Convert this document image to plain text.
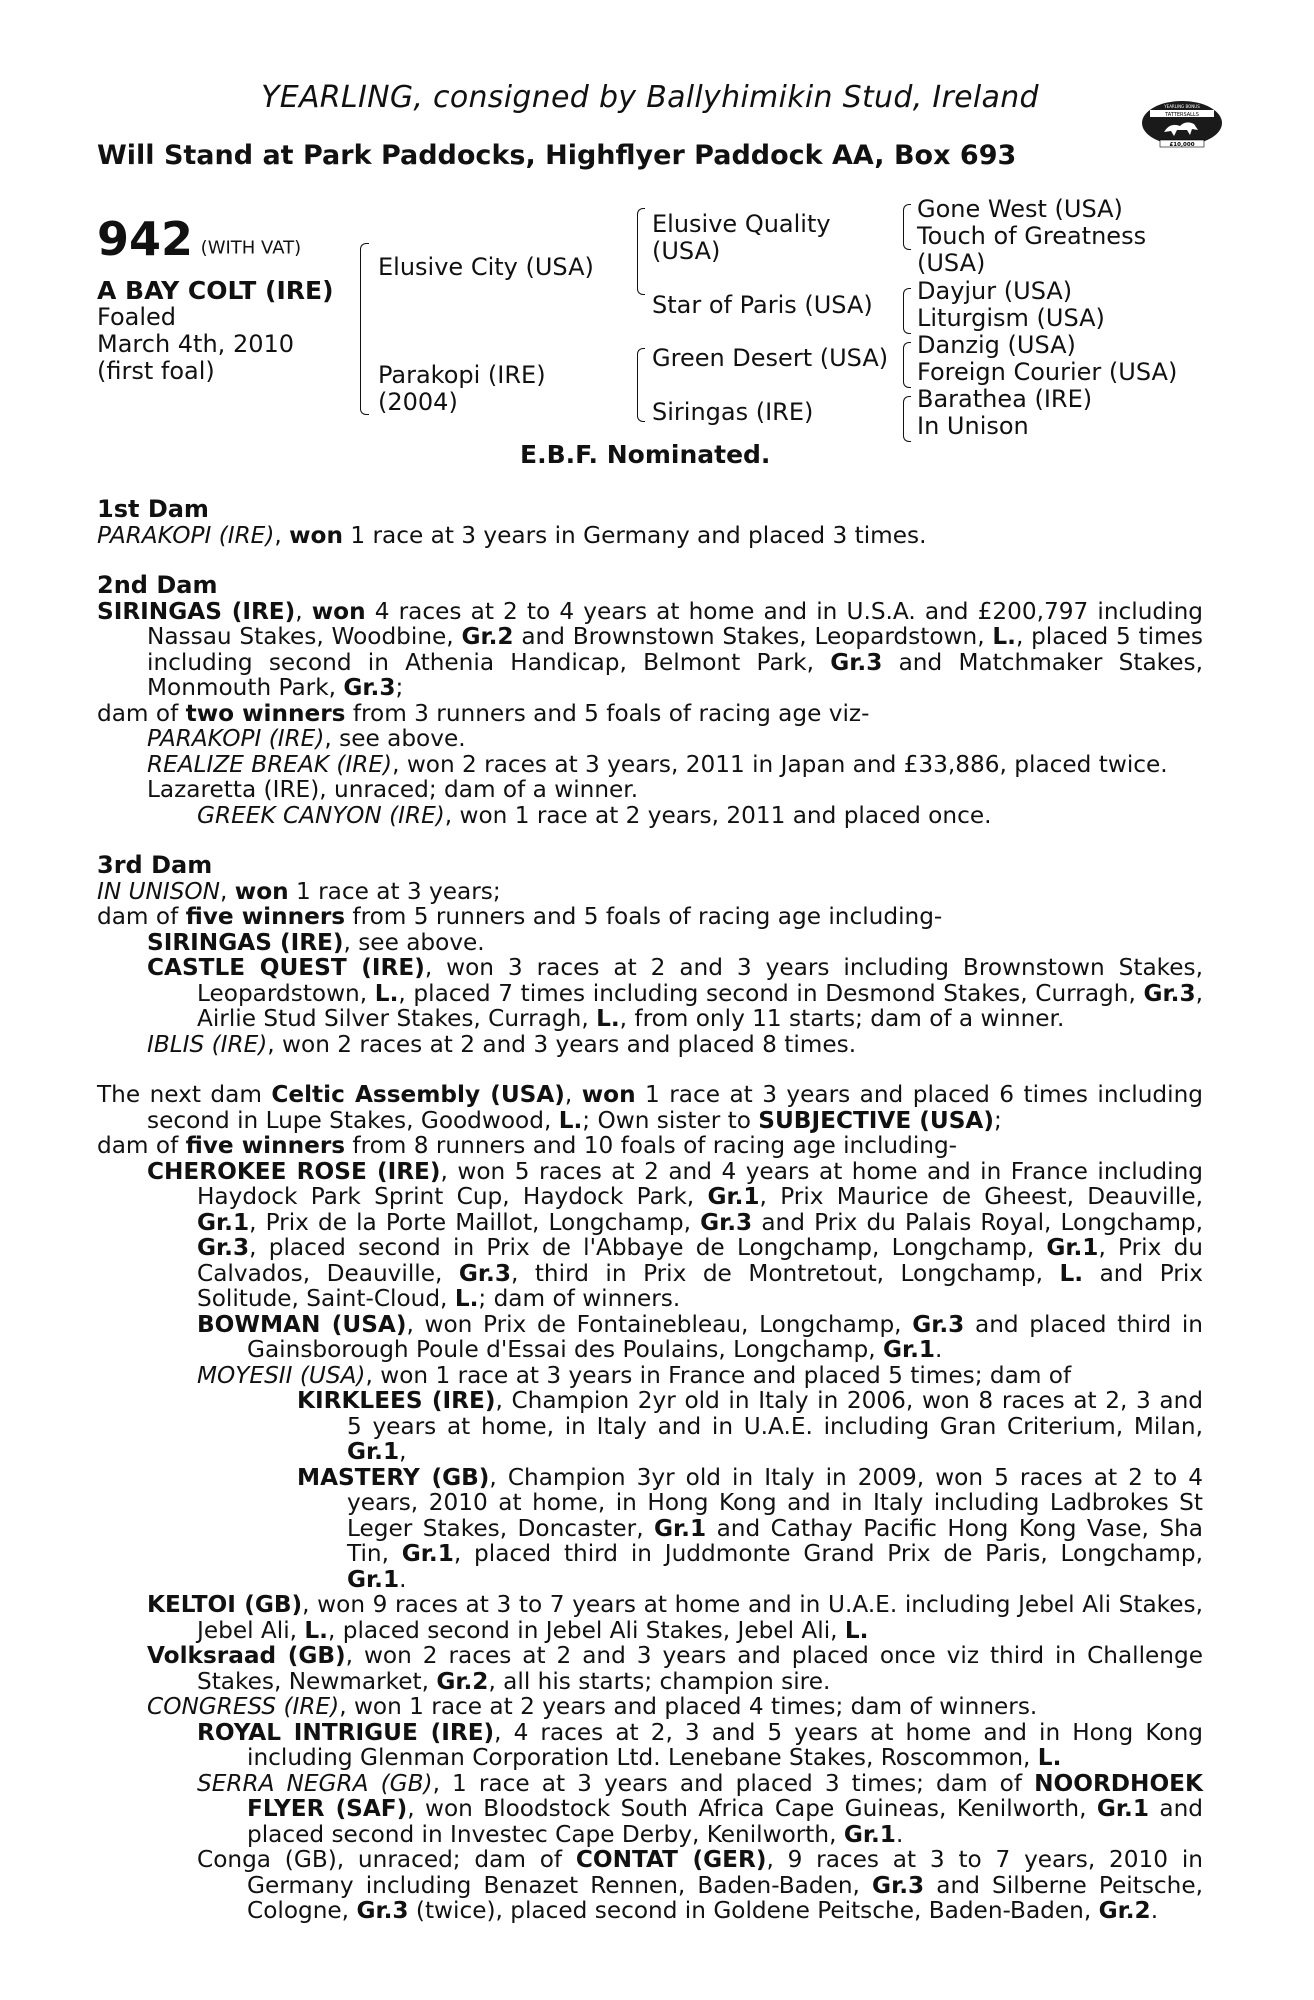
YEARLING, consigned by Ballyhimikin Stud, Ireland
Will Stand at Park Paddocks, Highflyer Paddock AA, Box 693
TATTERSALLS
£10,000
YEARLING BONUS
942 (WITH VAT)
A BAY COLT (IRE)
Foaled
March 4th, 2010
(first foal)
Elusive City (USA)
Parakopi (IRE)
(2004)
Elusive Quality
(USA)
Star of Paris (USA)
Green Desert (USA)
Siringas (IRE)
Gone West (USA)
Touch of Greatness
(USA)
Dayjur (USA)
Liturgism (USA)
Danzig (USA)
Foreign Courier (USA)
Barathea (IRE)
In Unison
E.B.F. Nominated.

1st Dam

PARAKOPI (IRE), won 1 race at 3 years in Germany and placed 3 times.

2nd Dam

SIRINGAS (IRE), won 4 races at 2 to 4 years at home and in U.S.A. and £200,797 including Nassau Stakes, Woodbine, Gr.2 and Brownstown Stakes, Leopardstown, L., placed 5 times including second in Athenia Handicap, Belmont Park, Gr.3 and Matchmaker Stakes, Monmouth Park, Gr.3;

dam of two winners from 3 runners and 5 foals of racing age viz-

PARAKOPI (IRE), see above.

REALIZE BREAK (IRE), won 2 races at 3 years, 2011 in Japan and £33,886, placed twice.

Lazaretta (IRE), unraced; dam of a winner.

GREEK CANYON (IRE), won 1 race at 2 years, 2011 and placed once.

3rd Dam

IN UNISON, won 1 race at 3 years;

dam of five winners from 5 runners and 5 foals of racing age including-

SIRINGAS (IRE), see above.

CASTLE QUEST (IRE), won 3 races at 2 and 3 years including Brownstown Stakes, Leopardstown, L., placed 7 times including second in Desmond Stakes, Curragh, Gr.3, Airlie Stud Silver Stakes, Curragh, L., from only 11 starts; dam of a winner.

IBLIS (IRE), won 2 races at 2 and 3 years and placed 8 times.

The next dam Celtic Assembly (USA), won 1 race at 3 years and placed 6 times including second in Lupe Stakes, Goodwood, L.; Own sister to SUBJECTIVE (USA);

dam of five winners from 8 runners and 10 foals of racing age including-

CHEROKEE ROSE (IRE), won 5 races at 2 and 4 years at home and in France including Haydock Park Sprint Cup, Haydock Park, Gr.1, Prix Maurice de Gheest, Deauville, Gr.1, Prix de la Porte Maillot, Longchamp, Gr.3 and Prix du Palais Royal, Longchamp, Gr.3, placed second in Prix de l'Abbaye de Longchamp, Longchamp, Gr.1, Prix du Calvados, Deauville, Gr.3, third in Prix de Montretout, Longchamp, L. and Prix Solitude, Saint-Cloud, L.; dam of winners.

BOWMAN (USA), won Prix de Fontainebleau, Longchamp, Gr.3 and placed third in Gainsborough Poule d'Essai des Poulains, Longchamp, Gr.1.

MOYESII (USA), won 1 race at 3 years in France and placed 5 times; dam of

KIRKLEES (IRE), Champion 2yr old in Italy in 2006, won 8 races at 2, 3 and 5 years at home, in Italy and in U.A.E. including Gran Criterium, Milan, Gr.1,

MASTERY (GB), Champion 3yr old in Italy in 2009, won 5 races at 2 to 4 years, 2010 at home, in Hong Kong and in Italy including Ladbrokes St Leger Stakes, Doncaster, Gr.1 and Cathay Pacific Hong Kong Vase, Sha Tin, Gr.1, placed third in Juddmonte Grand Prix de Paris, Longchamp, Gr.1.

KELTOI (GB), won 9 races at 3 to 7 years at home and in U.A.E. including Jebel Ali Stakes, Jebel Ali, L., placed second in Jebel Ali Stakes, Jebel Ali, L.

Volksraad (GB), won 2 races at 2 and 3 years and placed once viz third in Challenge Stakes, Newmarket, Gr.2, all his starts; champion sire.

CONGRESS (IRE), won 1 race at 2 years and placed 4 times; dam of winners.

ROYAL INTRIGUE (IRE), 4 races at 2, 3 and 5 years at home and in Hong Kong including Glenman Corporation Ltd. Lenebane Stakes, Roscommon, L.

SERRA NEGRA (GB), 1 race at 3 years and placed 3 times; dam of NOORDHOEK FLYER (SAF), won Bloodstock South Africa Cape Guineas, Kenilworth, Gr.1 and placed second in Investec Cape Derby, Kenilworth, Gr.1.

Conga (GB), unraced; dam of CONTAT (GER), 9 races at 3 to 7 years, 2010 in Germany including Benazet Rennen, Baden-Baden, Gr.3 and Silberne Peitsche, Cologne, Gr.3 (twice), placed second in Goldene Peitsche, Baden-Baden, Gr.2.
